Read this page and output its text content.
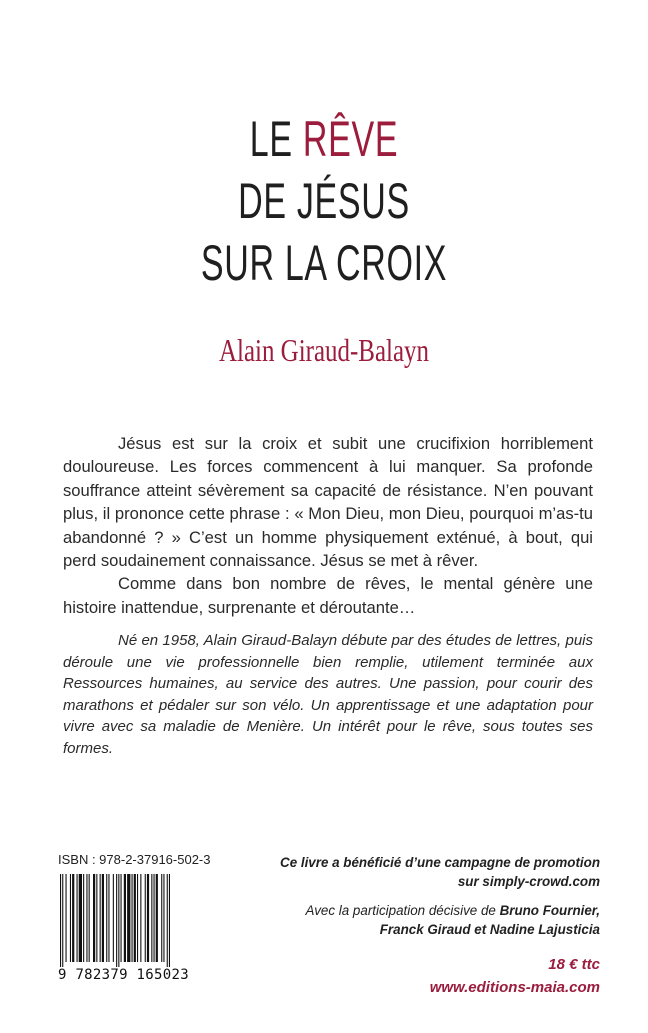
LE RÊVE
DE JÉSUS
SUR LA CROIX
Alain Giraud-Balayn

Jésus est sur la croix et subit une crucifixion horriblement douloureuse. Les forces commencent à lui manquer. Sa profonde souffrance atteint sévèrement sa capacité de résistance. N’en pouvant plus, il prononce cette phrase : « Mon Dieu, mon Dieu, pourquoi m’as-tu abandonné ? » C’est un homme physiquement exténué, à bout, qui perd soudainement connaissance. Jésus se met à rêver.

Comme dans bon nombre de rêves, le mental génère une histoire inattendue, surprenante et déroutante…

Né en 1958, Alain Giraud-Balayn débute par des études de lettres, puis déroule une vie professionnelle bien remplie, utilement terminée aux Ressources humaines, au service des autres. Une passion, pour courir des marathons et pédaler sur son vélo. Un apprentissage et une adaptation pour vivre avec sa maladie de Menière. Un intérêt pour le rêve, sous toutes ses formes.

ISBN : 978-2-37916-502-3
9 782379 165023
Ce livre a bénéficié d’une campagne de promotion
sur simply-crowd.com
Avec la participation décisive de Bruno Fournier,
Franck Giraud et Nadine Lajusticia
18 € ttc
www.editions-maia.com
